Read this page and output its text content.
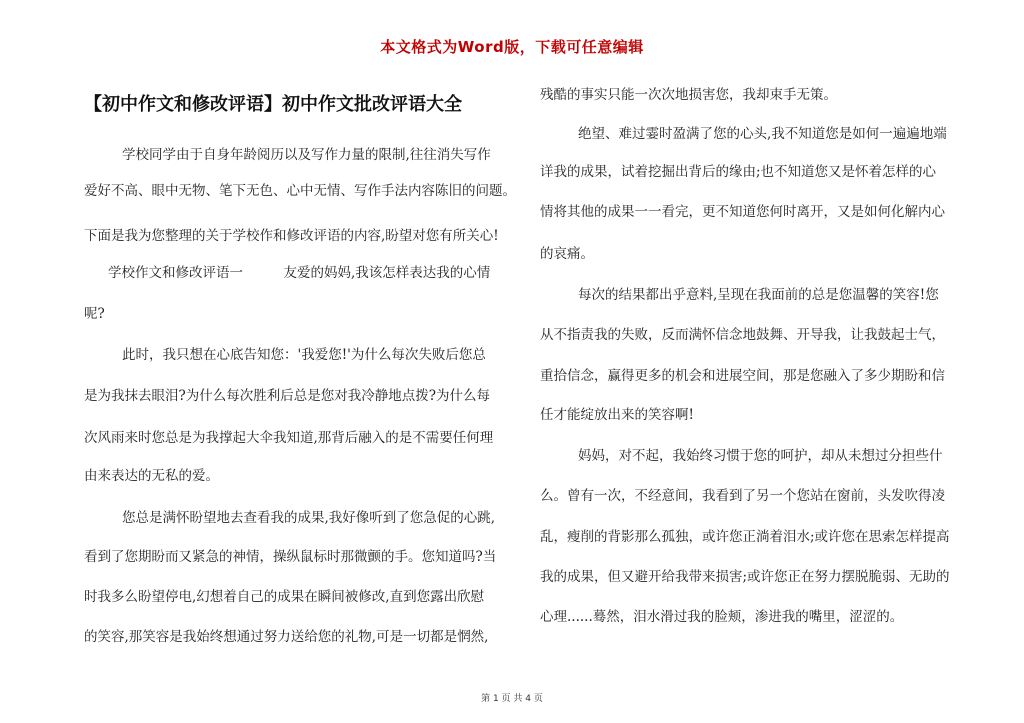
本文格式为Word版，下载可任意编辑
【初中作文和修改评语】初中作文批改评语大全
学校同学由于自身年龄阅历以及写作力量的限制,往往消失写作
爱好不高、眼中无物、笔下无色、心中无情、写作手法内容陈旧的问题。
下面是我为您整理的关于学校作和修改评语的内容,盼望对您有所关心!
学校作文和修改评语一　　　友爱的妈妈,我该怎样表达我的心情
呢?
此时，我只想在心底告知您：'我爱您!'为什么每次失败后您总
是为我抹去眼泪?为什么每次胜利后总是您对我冷静地点拨?为什么每
次风雨来时您总是为我撑起大伞我知道,那背后融入的是不需要任何理
由来表达的无私的爱。
您总是满怀盼望地去查看我的成果,我好像听到了您急促的心跳,
看到了您期盼而又紧急的神情，操纵鼠标时那微颤的手。您知道吗?当
时我多么盼望停电,幻想着自己的成果在瞬间被修改,直到您露出欣慰
的笑容,那笑容是我始终想通过努力送给您的礼物,可是一切都是惘然,
残酷的事实只能一次次地损害您，我却束手无策。
绝望、难过霎时盈满了您的心头,我不知道您是如何一遍遍地端
详我的成果，试着挖掘出背后的缘由;也不知道您又是怀着怎样的心
情将其他的成果一一看完，更不知道您何时离开，又是如何化解内心
的哀痛。
每次的结果都出乎意料,呈现在我面前的总是您温馨的笑容!您
从不指责我的失败，反而满怀信念地鼓舞、开导我，让我鼓起士气，
重拾信念，赢得更多的机会和进展空间，那是您融入了多少期盼和信
任才能绽放出来的笑容啊!
妈妈，对不起，我始终习惯于您的呵护，却从未想过分担些什
么。曾有一次，不经意间，我看到了另一个您站在窗前，头发吹得凌
乱，瘦削的背影那么孤独，或许您正淌着泪水;或许您在思索怎样提高
我的成果，但又避开给我带来损害;或许您正在努力摆脱脆弱、无助的
心理......蓦然，泪水滑过我的脸颊，渗进我的嘴里，涩涩的。
第 1 页 共 4 页
